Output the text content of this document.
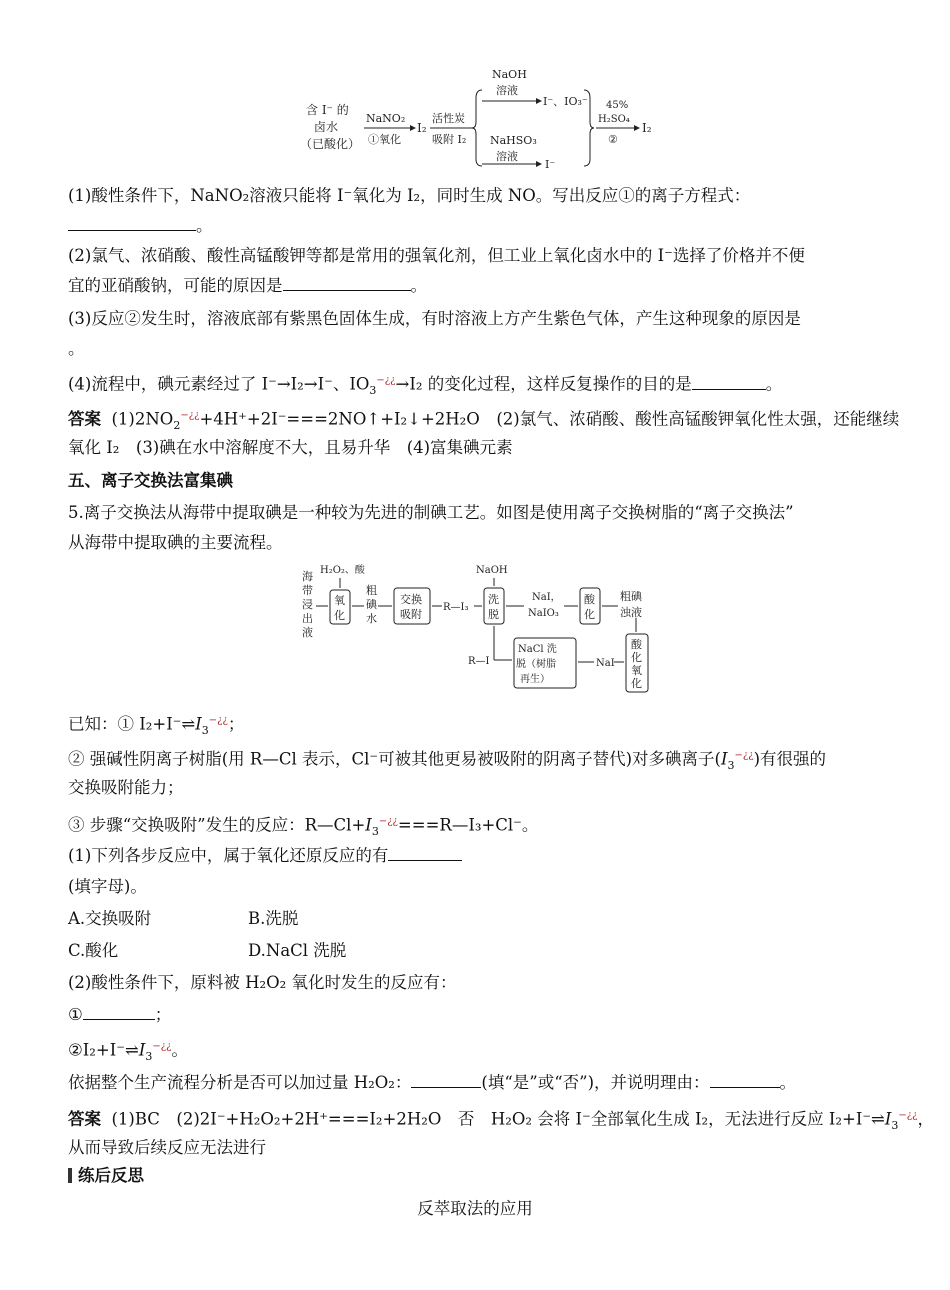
含 I⁻ 的
卤水
（已酸化）
NaNO₂
①氧化
I₂
活性炭
吸附 I₂
NaOH
溶液
I⁻、IO₃⁻
NaHSO₃
溶液
I⁻
45%
H₂SO₄
②
I₂
(1)酸性条件下，NaNO₂溶液只能将 I⁻氧化为 I₂，同时生成 NO。写出反应①的离子方程式：
。
(2)氯气、浓硝酸、酸性高锰酸钾等都是常用的强氧化剂，但工业上氧化卤水中的 I⁻选择了价格并不便
宜的亚硝酸钠，可能的原因是	。
(3)反应②发生时，溶液底部有紫黑色固体生成，有时溶液上方产生紫色气体，产生这种现象的原因是
。
(4)流程中，碘元素经过了 I⁻→I₂→I⁻、$IO_3^{-¿¿}\to I_2$ 的变化过程，这样反复操作的目的是	。
答案 $(1)2NO_2^{-¿¿}+4H^++2I^-===2NO↑+I_2↓+2H_2O$　(2)氯气、浓硝酸、酸性高锰酸钾氧化性太强，还能继续
氧化 I₂　(3)碘在水中溶解度不大，且易升华　(4)富集碘元素
五、离子交换法富集碘
5.离子交换法从海带中提取碘是一种较为先进的制碘工艺。如图是使用离子交换树脂的“离子交换法”
从海带中提取碘的主要流程。
海
带
浸
出
液
H₂O₂、酸
氧
化
粗
碘
水
交换
吸附
R—I₃
NaOH
洗
脱
NaI，
NaIO₃
酸
化
粗碘
浊液
R—I
NaCl 洗
脱（树脂
再生）
NaI
酸
化
氧
化
已知：① $I_2+I^-\rightleftharpoons I_3^{-¿¿}$；
② 强碱性阴离子树脂(用 R—Cl 表示，Cl⁻可被其他更易被吸附的阴离子替代)对多碘离子$(I_3^{-¿¿})$有很强的
交换吸附能力；
③ 步骤“交换吸附”发生的反应：$R—Cl+I_3^{-¿¿}===R—I_3+Cl^-$。
(1)下列各步反应中，属于氧化还原反应的有
(填字母)。
A.交换吸附	B.洗脱
C.酸化	D.NaCl 洗脱
(2)酸性条件下，原料被 H₂O₂ 氧化时发生的反应有：
①	；
$②I_2+I^-\rightleftharpoons I_3^{-¿¿}$。
依据整个生产流程分析是否可以加过量 H₂O₂：	(填“是”或“否”)，并说明理由：	。
答案 (1)BC　(2)2I⁻+H₂O₂+2H⁺===I₂+2H₂O　否　H₂O₂ 会将 I⁻全部氧化生成 I₂，无法进行反应 $I_2+I^-\rightleftharpoons I_3^{-¿¿}$，
从而导致后续反应无法进行
练后反思
反萃取法的应用
